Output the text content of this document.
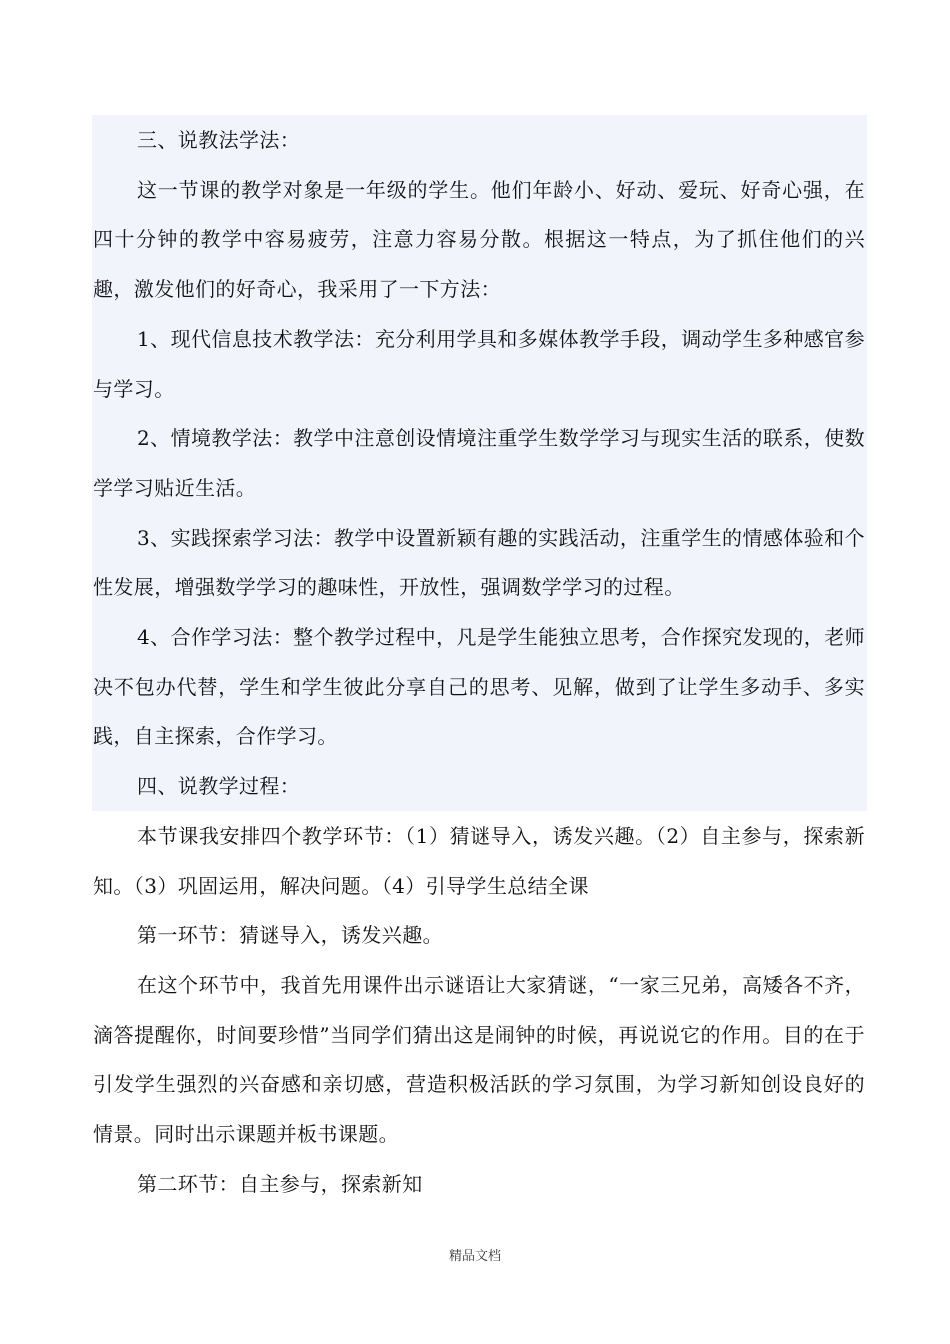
三、说教法学法：

这一节课的教学对象是一年级的学生。他们年龄小、好动、爱玩、好奇心强，在四十分钟的教学中容易疲劳，注意力容易分散。根据这一特点，为了抓住他们的兴趣，激发他们的好奇心，我采用了一下方法：

1、现代信息技术教学法：充分利用学具和多媒体教学手段，调动学生多种感官参与学习。

2、情境教学法：教学中注意创设情境注重学生数学学习与现实生活的联系，使数学学习贴近生活。

3、实践探索学习法：教学中设置新颖有趣的实践活动，注重学生的情感体验和个性发展，增强数学学习的趣味性，开放性，强调数学学习的过程。

4、合作学习法：整个教学过程中，凡是学生能独立思考，合作探究发现的，老师决不包办代替，学生和学生彼此分享自己的思考、见解，做到了让学生多动手、多实践，自主探索，合作学习。

四、说教学过程：

本节课我安排四个教学环节：（1）猜谜导入，诱发兴趣。（2）自主参与，探索新知。（3）巩固运用，解决问题。（4）引导学生总结全课

第一环节：猜谜导入，诱发兴趣。

在这个环节中，我首先用课件出示谜语让大家猜谜，“一家三兄弟，高矮各不齐，滴答提醒你，时间要珍惜”当同学们猜出这是闹钟的时候，再说说它的作用。目的在于引发学生强烈的兴奋感和亲切感，营造积极活跃的学习氛围，为学习新知创设良好的情景。同时出示课题并板书课题。

第二环节：自主参与，探索新知

精品文档
